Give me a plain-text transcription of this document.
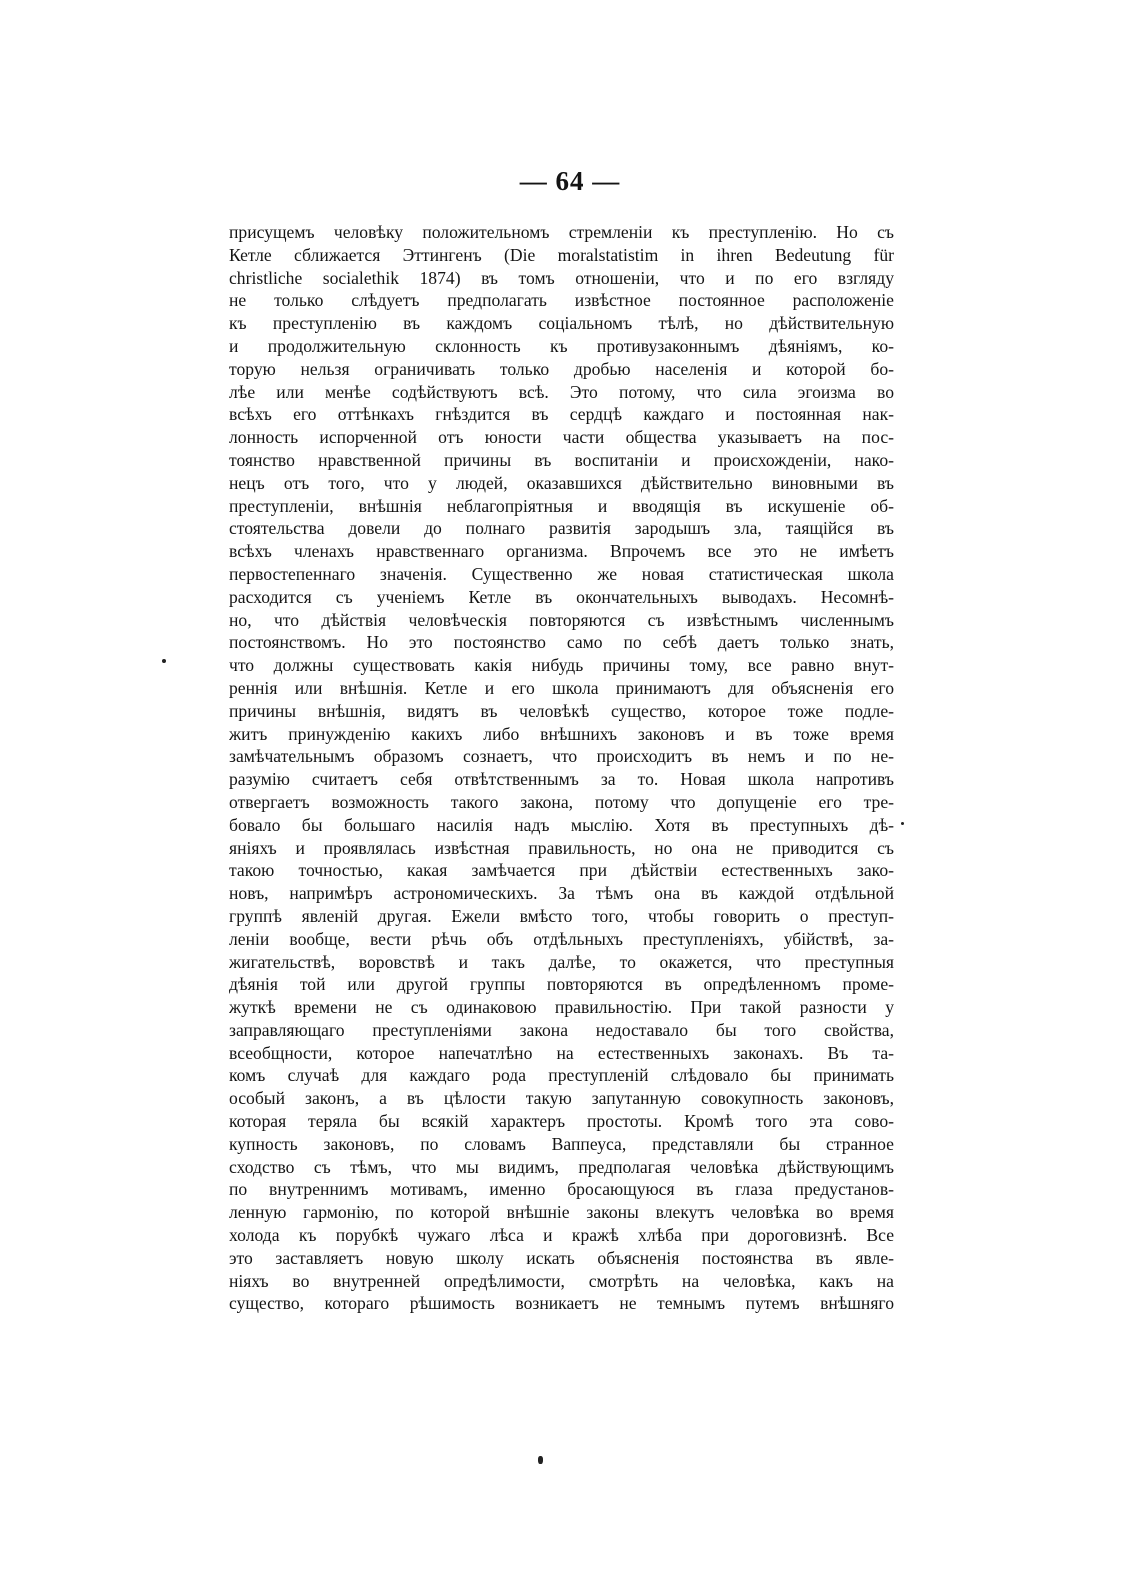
— 64 —
присущемъ человѣку положительномъ стремленіи къ преступленію. Но съ
Кетле сближается Эттингенъ (Die moralstatistim in ihren Bedeutung für
christliche socialethik 1874) въ томъ отношеніи, что и по его взгляду
не только слѣдуетъ предполагать извѣстное постоянное расположеніе
къ преступленію въ каждомъ соціальномъ тѣлѣ, но дѣйствительную
и продолжительную склонность къ противузаконнымъ дѣяніямъ, ко-
торую нельзя ограничивать только дробью населенія и которой бо-
лѣе или менѣе содѣйствуютъ всѣ. Это потому, что сила эгоизма во
всѣхъ его оттѣнкахъ гнѣздится въ сердцѣ каждаго и постоянная нак-
лонность испорченной отъ юности части общества указываетъ на пос-
тоянство нравственной причины въ воспитаніи и происхожденіи, нако-
нецъ отъ того, что у людей, оказавшихся дѣйствительно виновными въ
преступленіи, внѣшнія неблагопріятныя и вводящія въ искушеніе об-
стоятельства довели до полнаго развитія зародышъ зла, таящійся въ
всѣхъ членахъ нравственнаго организма. Впрочемъ все это не имѣетъ
первостепеннаго значенія. Существенно же новая статистическая школа
расходится съ ученіемъ Кетле въ окончательныхъ выводахъ. Несомнѣ-
но, что дѣйствія человѣческія повторяются съ извѣстнымъ численнымъ
постоянствомъ. Но это постоянство само по себѣ даетъ только знать,
что должны существовать какія нибудь причины тому, все равно внут-
реннія или внѣшнія. Кетле и его школа принимаютъ для объясненія его
причины внѣшнія, видятъ въ человѣкѣ существо, которое тоже подле-
житъ принужденію какихъ либо внѣшнихъ законовъ и въ тоже время
замѣчательнымъ образомъ сознаетъ, что происходитъ въ немъ и по не-
разумію считаетъ себя отвѣтственнымъ за то. Новая школа напротивъ
отвергаетъ возможность такого закона, потому что допущеніе его тре-
бовало бы большаго насилія надъ мыслію. Хотя въ преступныхъ дѣ-
яніяхъ и проявлялась извѣстная правильность, но она не приводится съ
такою точностью, какая замѣчается при дѣйствіи естественныхъ зако-
новъ, напримѣръ астрономическихъ. За тѣмъ она въ каждой отдѣльной
группѣ явленій другая. Ежели вмѣсто того, чтобы говорить о преступ-
леніи вообще, вести рѣчь объ отдѣльныхъ преступленіяхъ, убійствѣ, за-
жигательствѣ, воровствѣ и такъ далѣе, то окажется, что преступныя
дѣянія той или другой группы повторяются въ опредѣленномъ проме-
жуткѣ времени не съ одинаковою правильностію. При такой разности у
заправляющаго преступленіями закона недоставало бы того свойства,
всеобщности, которое напечатлѣно на естественныхъ законахъ. Въ та-
комъ случаѣ для каждаго рода преступленій слѣдовало бы принимать
особый законъ, а въ цѣлости такую запутанную совокупность законовъ,
которая теряла бы всякій характеръ простоты. Кромѣ того эта сово-
купность законовъ, по словамъ Ваппеуса, представляли бы странное
сходство съ тѣмъ, что мы видимъ, предполагая человѣка дѣйствующимъ
по внутреннимъ мотивамъ, именно бросающуюся въ глаза предустанов-
ленную гармонію, по которой внѣшніе законы влекутъ человѣка во время
холода къ порубкѣ чужаго лѣса и кражѣ хлѣба при дороговизнѣ. Все
это заставляетъ новую школу искать объясненія постоянства въ явле-
ніяхъ во внутренней опредѣлимости, смотрѣть на человѣка, какъ на
существо, котораго рѣшимость возникаетъ не темнымъ путемъ внѣшняго
